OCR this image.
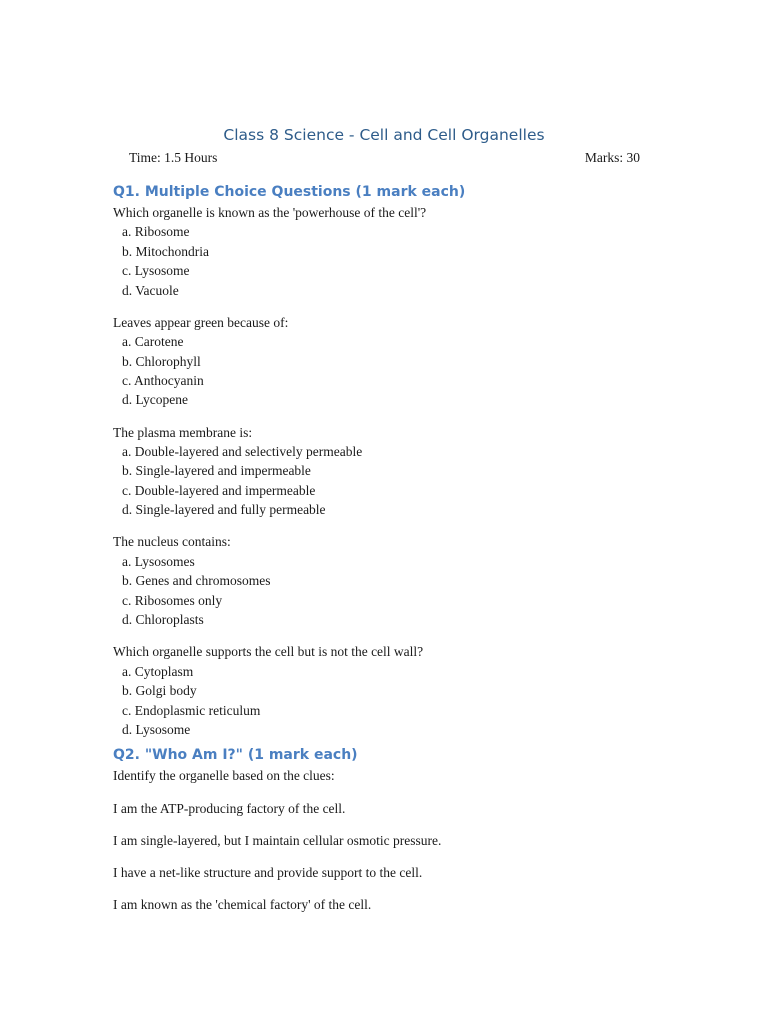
Class 8 Science - Cell and Cell Organelles
Time: 1.5 Hours	Marks: 30
Q1. Multiple Choice Questions (1 mark each)
Which organelle is known as the 'powerhouse of the cell'?
a. Ribosome
b. Mitochondria
c. Lysosome
d. Vacuole
Leaves appear green because of:
a. Carotene
b. Chlorophyll
c. Anthocyanin
d. Lycopene
The plasma membrane is:
a. Double-layered and selectively permeable
b. Single-layered and impermeable
c. Double-layered and impermeable
d. Single-layered and fully permeable
The nucleus contains:
a. Lysosomes
b. Genes and chromosomes
c. Ribosomes only
d. Chloroplasts
Which organelle supports the cell but is not the cell wall?
a. Cytoplasm
b. Golgi body
c. Endoplasmic reticulum
d. Lysosome
Q2. "Who Am I?" (1 mark each)
Identify the organelle based on the clues:
I am the ATP-producing factory of the cell.
I am single-layered, but I maintain cellular osmotic pressure.
I have a net-like structure and provide support to the cell.
I am known as the 'chemical factory' of the cell.
